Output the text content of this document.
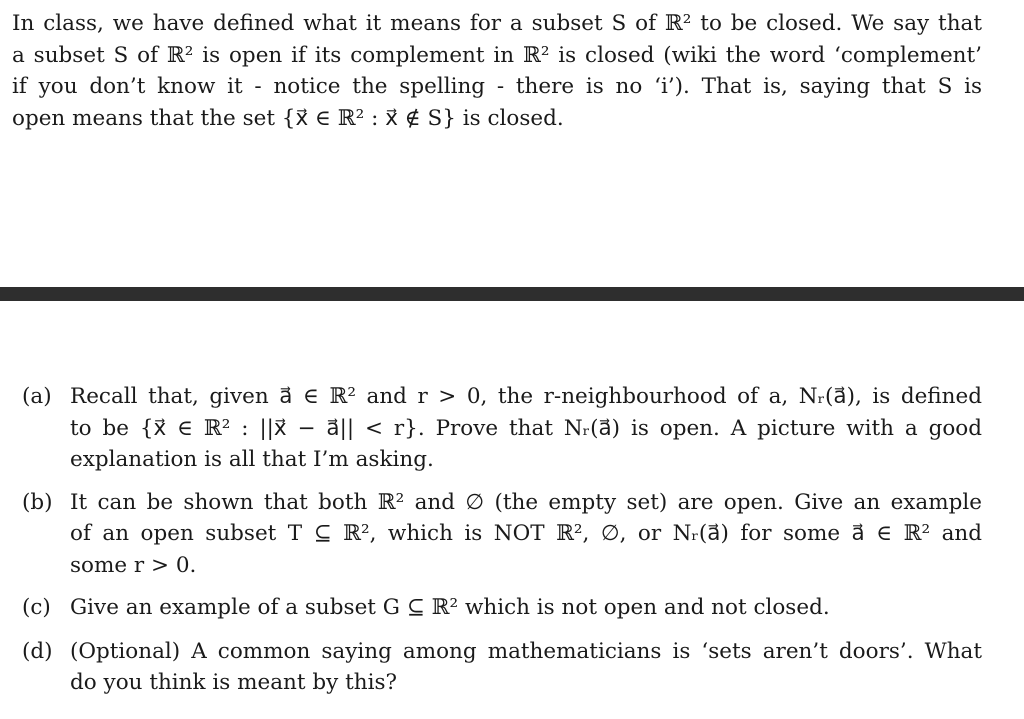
In class, we have defined what it means for a subset S of ℝ² to be closed. We say that
a subset S of ℝ² is open if its complement in ℝ² is closed (wiki the word ‘complement’
if you don’t know it - notice the spelling - there is no ‘i’). That is, saying that S is
open means that the set {x⃗ ∈ ℝ² : x⃗ ∉ S} is closed.
(a) Recall that, given a⃗ ∈ ℝ² and r > 0, the r-neighbourhood of a, Nᵣ(a⃗), is defined
to be {x⃗ ∈ ℝ² : ||x⃗ − a⃗|| < r}. Prove that Nᵣ(a⃗) is open. A picture with a good
explanation is all that I’m asking.
(b) It can be shown that both ℝ² and ∅ (the empty set) are open. Give an example
of an open subset T ⊆ ℝ², which is NOT ℝ², ∅, or Nᵣ(a⃗) for some a⃗ ∈ ℝ² and
some r > 0.
(c) Give an example of a subset G ⊆ ℝ² which is not open and not closed.
(d) (Optional) A common saying among mathematicians is ‘sets aren’t doors’. What
do you think is meant by this?
